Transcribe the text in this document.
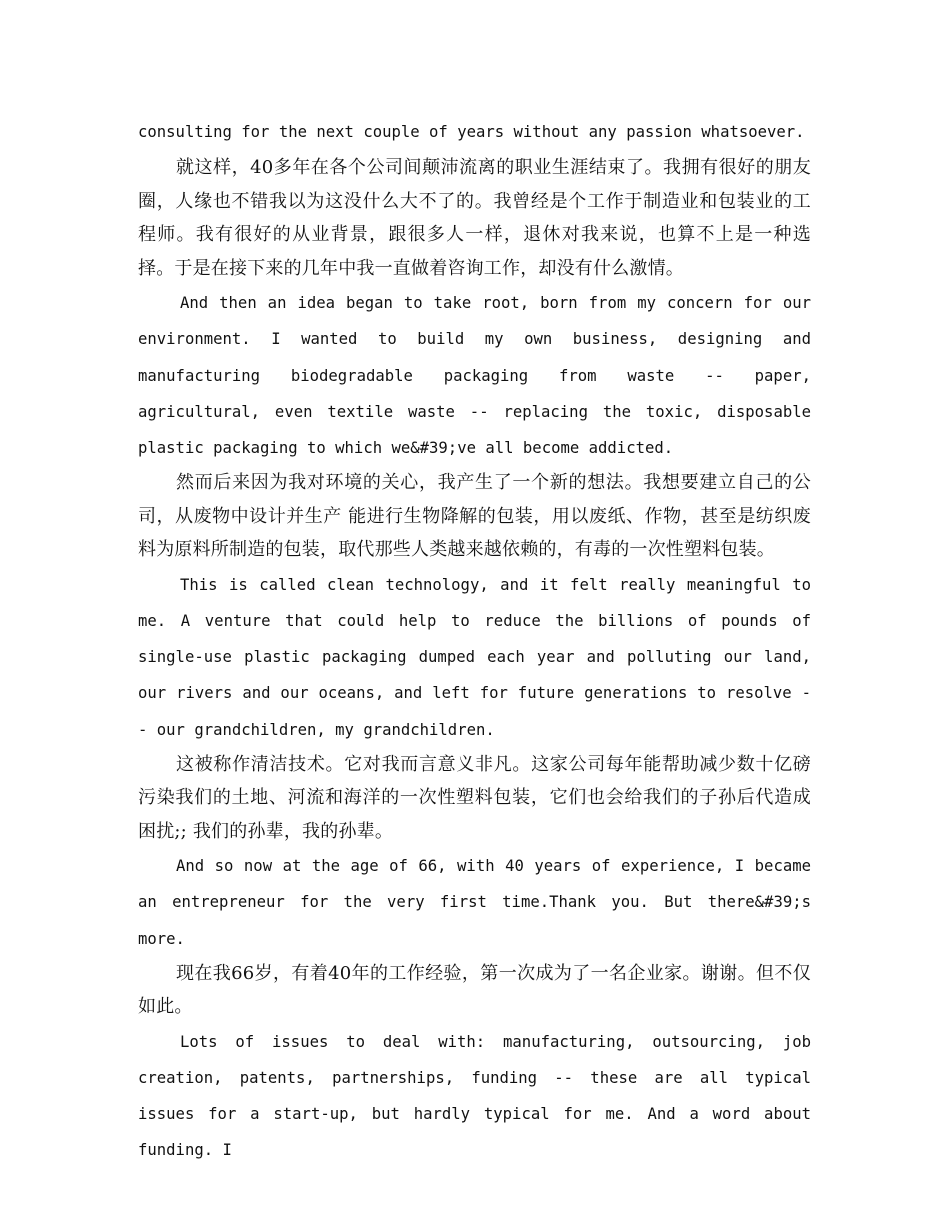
consulting for the next couple of years without any passion whatsoever.

就这样，40多年在各个公司间颠沛流离的职业生涯结束了。我拥有很好的朋友圈，人缘也不错我以为这没什么大不了的。我曾经是个工作于制造业和包装业的工程师。我有很好的从业背景，跟很多人一样，退休对我来说，也算不上是一种选择。于是在接下来的几年中我一直做着咨询工作，却没有什么激情。

And then an idea began to take root, born from my concern for our environment. I wanted to build my own business, designing and manufacturing biodegradable packaging from waste -- paper, agricultural, even textile waste -- replacing the toxic, disposable plastic packaging to which we&#39;ve all become addicted.

然而后来因为我对环境的关心，我产生了一个新的想法。我想要建立自己的公司，从废物中设计并生产 能进行生物降解的包装，用以废纸、作物，甚至是纺织废料为原料所制造的包装，取代那些人类越来越依赖的，有毒的一次性塑料包装。

This is called clean technology, and it felt really meaningful to me. A venture that could help to reduce the billions of pounds of single-use plastic packaging dumped each year and polluting our land, our rivers and our oceans, and left for future generations to resolve -- our grandchildren, my grandchildren.

这被称作清洁技术。它对我而言意义非凡。这家公司每年能帮助减少数十亿磅污染我们的土地、河流和海洋的一次性塑料包装，它们也会给我们的子孙后代造成困扰;; 我们的孙辈，我的孙辈。

And so now at the age of 66, with 40 years of experience, I became an entrepreneur for the very first time.Thank you. But there&#39;s more.

现在我66岁，有着40年的工作经验，第一次成为了一名企业家。谢谢。但不仅如此。

Lots of issues to deal with: manufacturing, outsourcing, job creation, patents, partnerships, funding -- these are all typical issues for a start-up, but hardly typical for me. And a word about funding. I
